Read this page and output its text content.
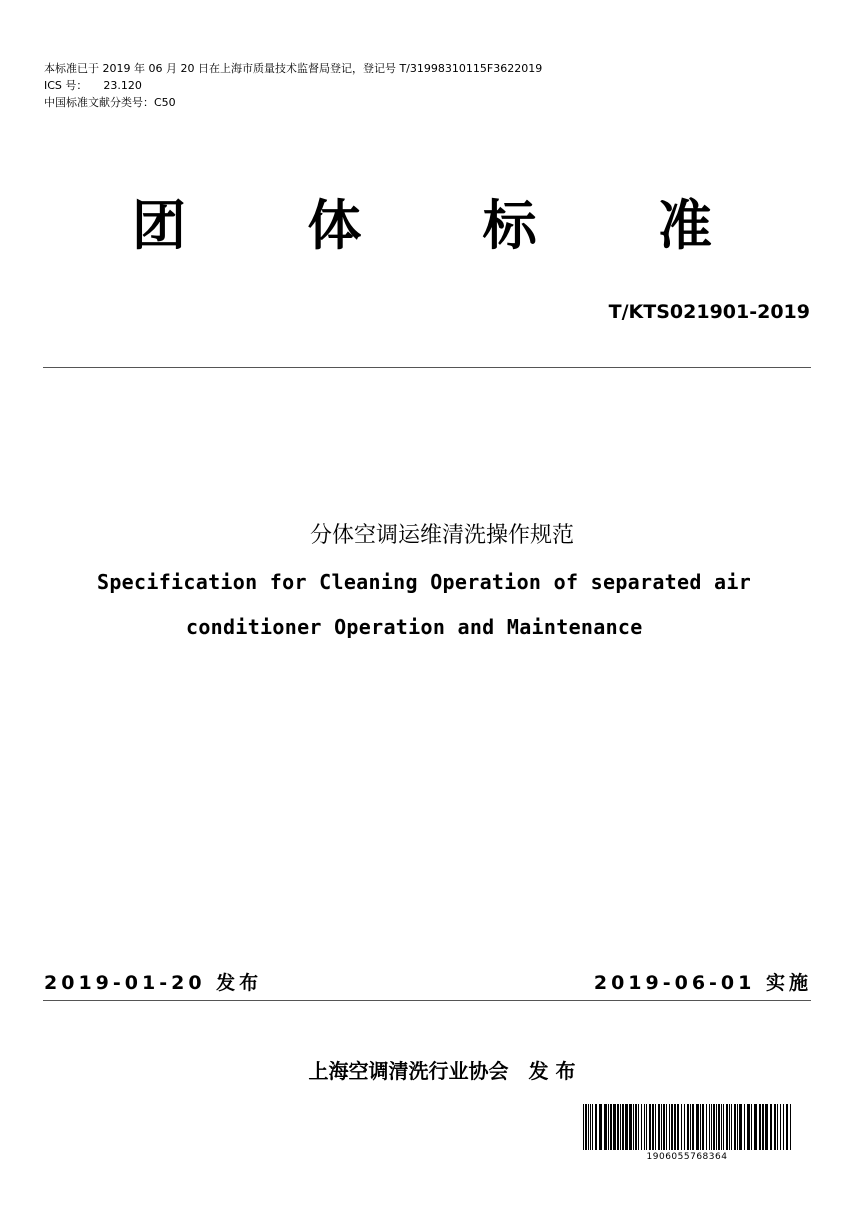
本标准已于 2019 年 06 月 20 日在上海市质量技术监督局登记，登记号 T/31998310115F3622019
ICS 号： 23.120
中国标准文献分类号：C50
团 体 标 准
T/KTS021901-2019
分体空调运维清洗操作规范
Specification for Cleaning Operation of separated air
conditioner Operation and Maintenance
2019-01-20 发布	2019-06-01 实施
上海空调清洗行业协会　发 布
1906055768364
